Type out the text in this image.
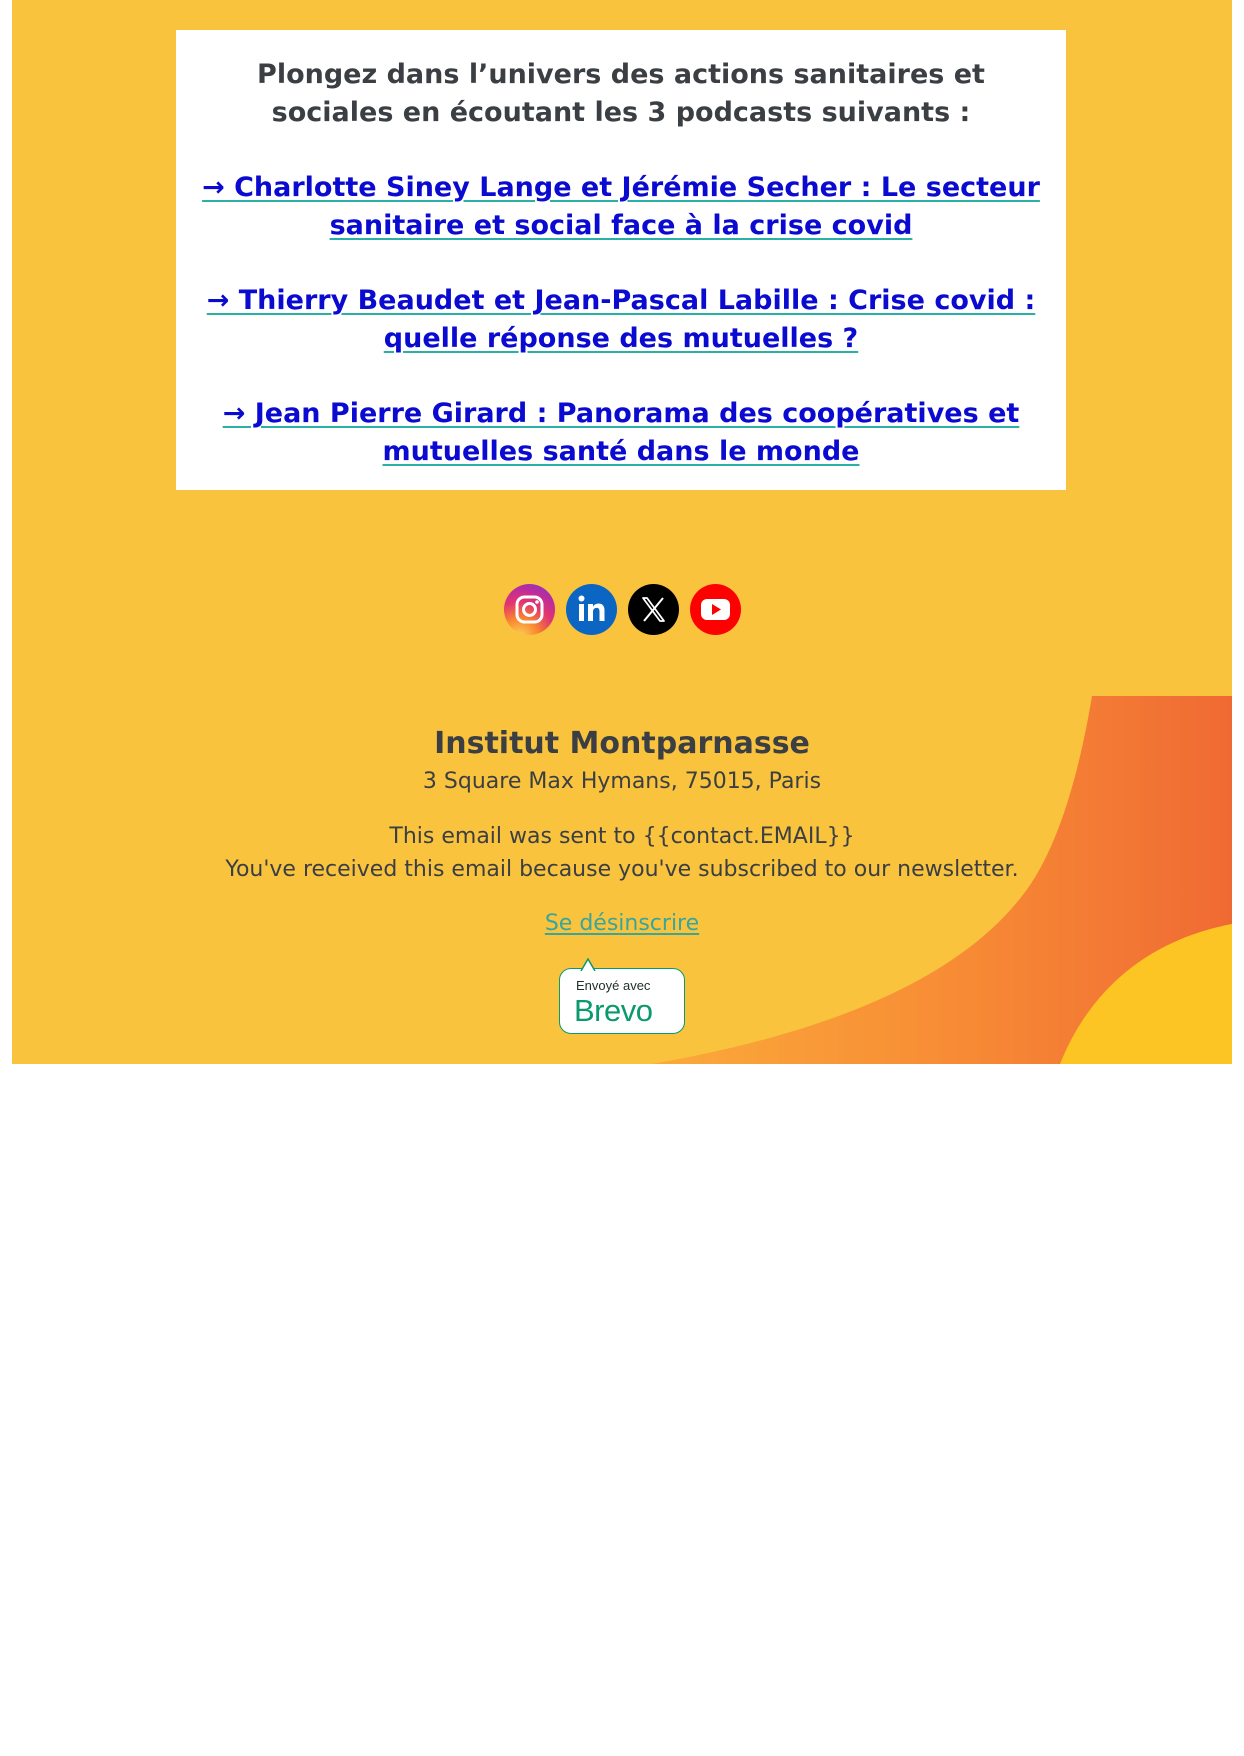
Plongez dans l’univers des actions sanitaires et sociales en écoutant les 3 podcasts suivants :

→ Charlotte Siney Lange et Jérémie Secher : Le secteur sanitaire et social face à la crise covid
→ Thierry Beaudet et Jean-Pascal Labille : Crise covid : quelle réponse des mutuelles ?
→ Jean Pierre Girard : Panorama des coopératives et mutuelles santé dans le monde

Institut Montparnasse
3 Square Max Hymans, 75015, Paris
This email was sent to {{contact.EMAIL}}
You've received this email because you've subscribed to our newsletter.
Se désinscrire
Envoyé avec
Brevo
